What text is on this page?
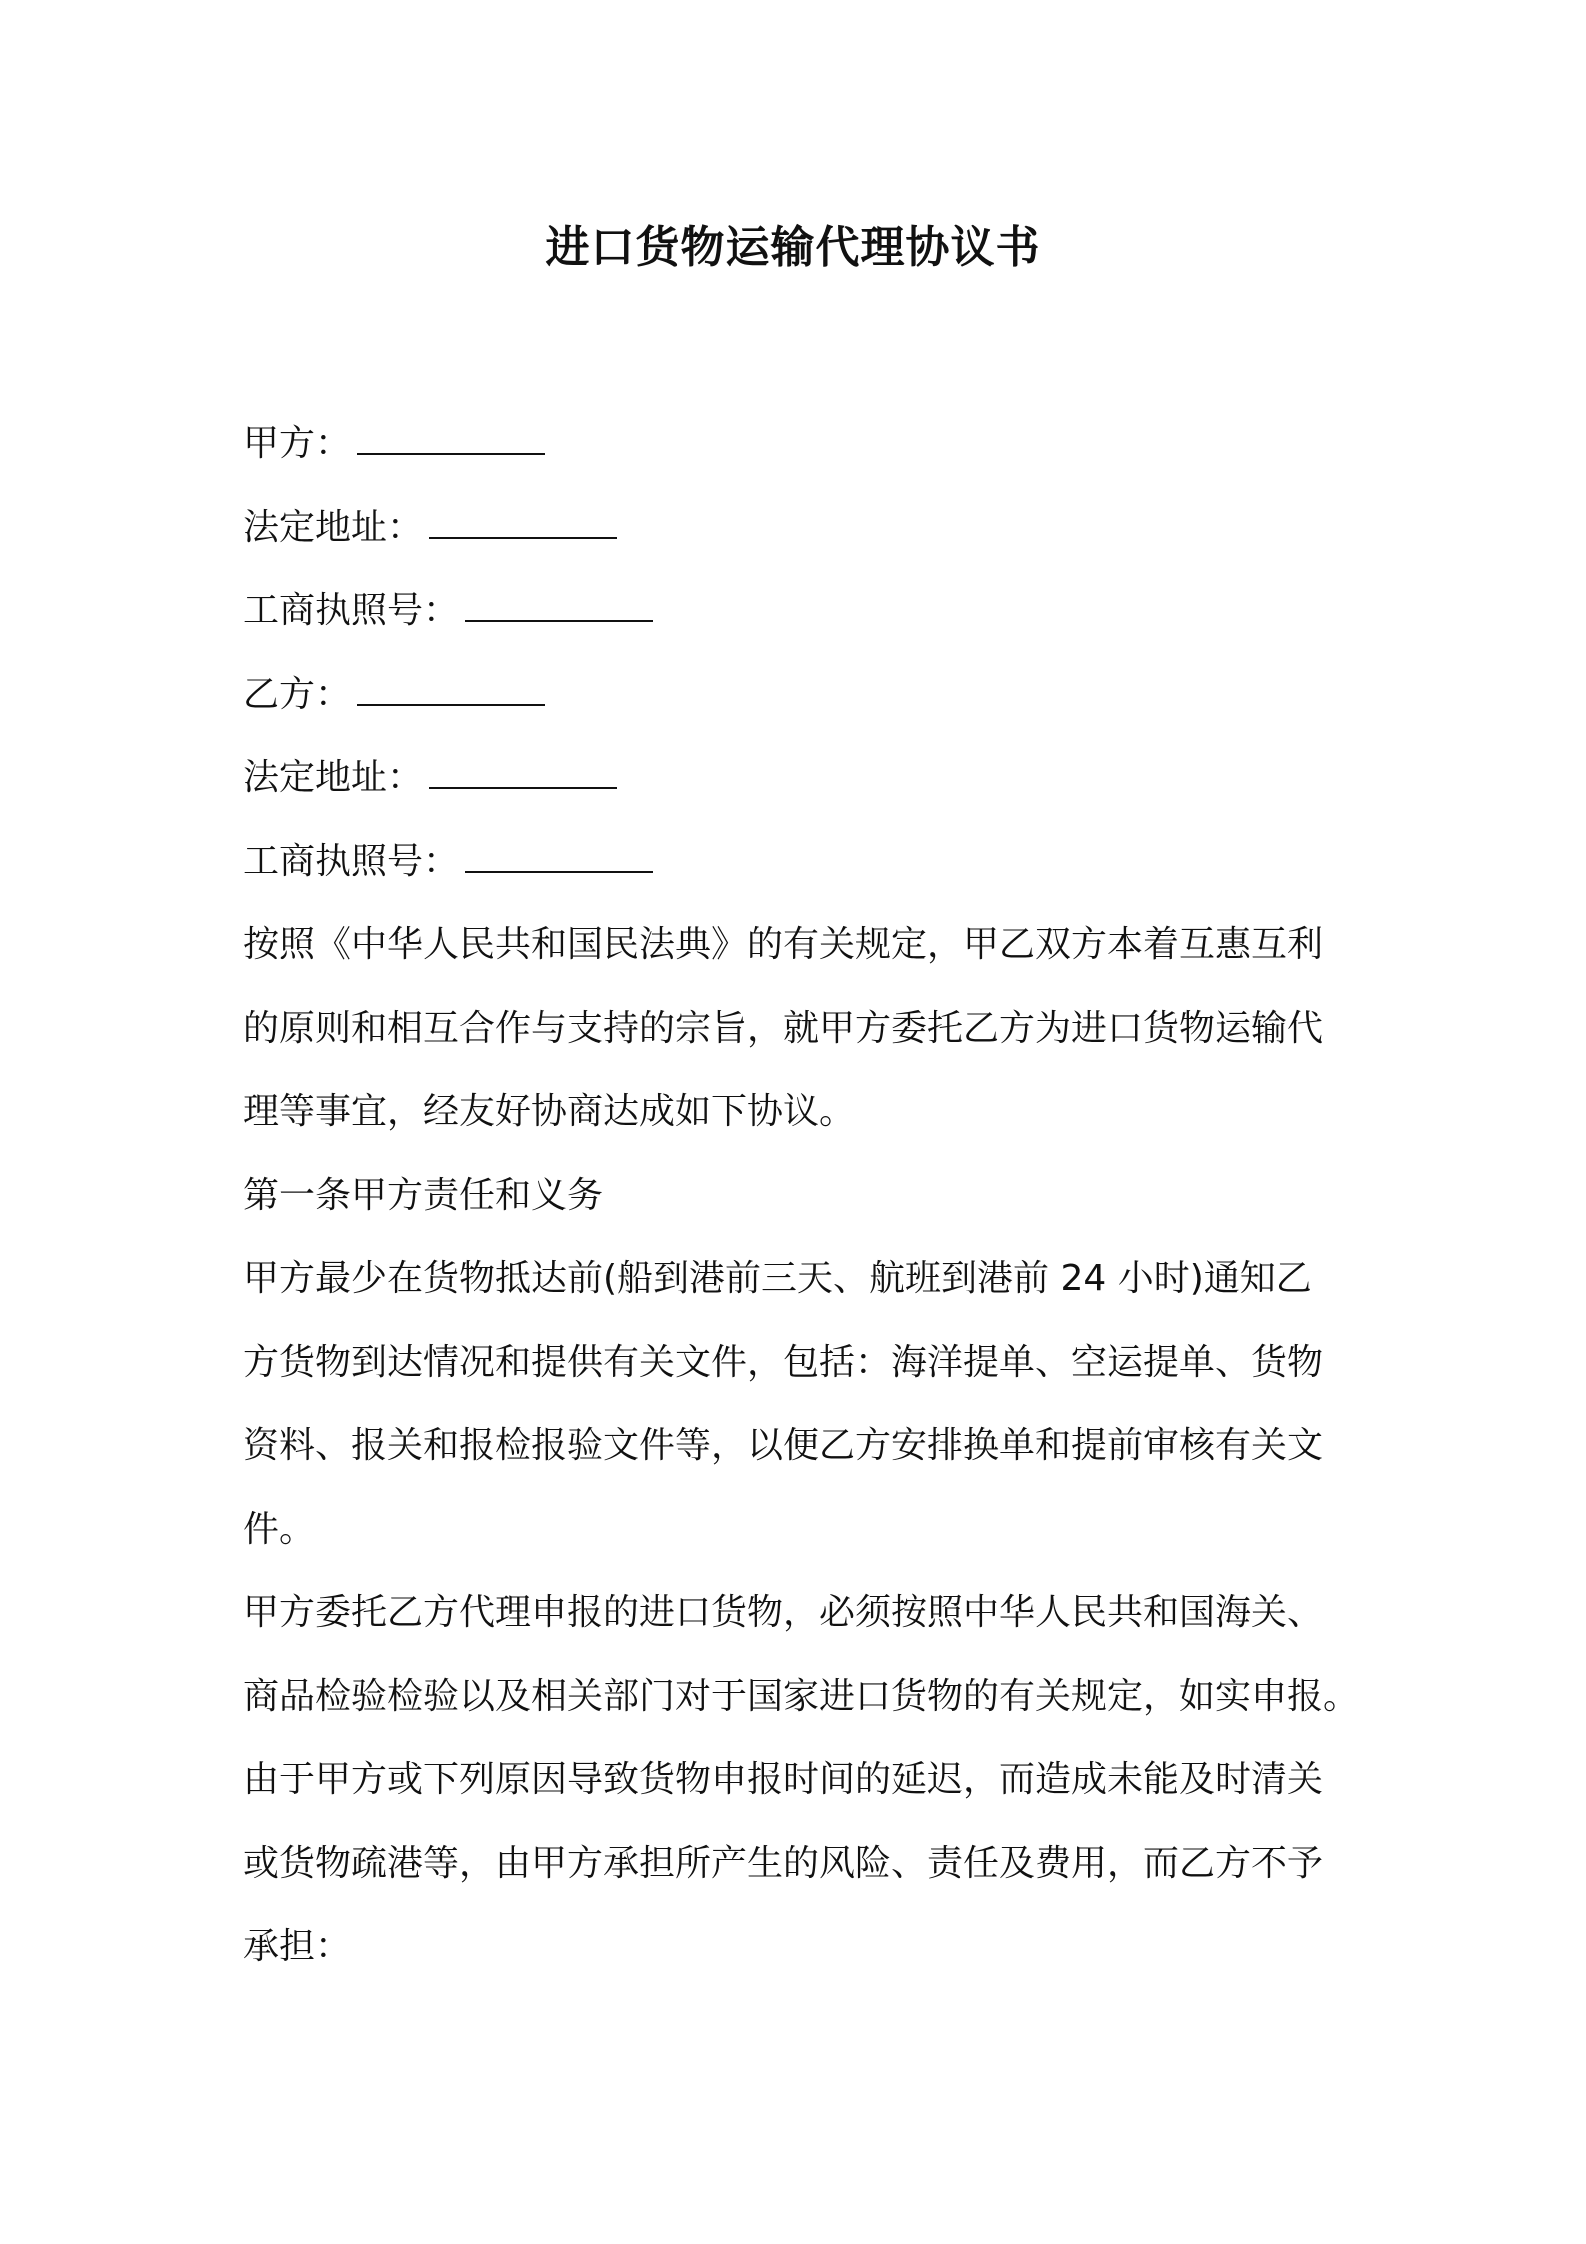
进口货物运输代理协议书
甲方：
法定地址：
工商执照号：
乙方：
法定地址：
工商执照号：
按照《中华人民共和国民法典》的有关规定，甲乙双方本着互惠互利
的原则和相互合作与支持的宗旨，就甲方委托乙方为进口货物运输代
理等事宜，经友好协商达成如下协议。
第一条甲方责任和义务
甲方最少在货物抵达前(船到港前三天、航班到港前 24 小时)通知乙
方货物到达情况和提供有关文件，包括：海洋提单、空运提单、货物
资料、报关和报检报验文件等，以便乙方安排换单和提前审核有关文
件。
甲方委托乙方代理申报的进口货物，必须按照中华人民共和国海关、
商品检验检验以及相关部门对于国家进口货物的有关规定，如实申报。
由于甲方或下列原因导致货物申报时间的延迟，而造成未能及时清关
或货物疏港等，由甲方承担所产生的风险、责任及费用，而乙方不予
承担：
